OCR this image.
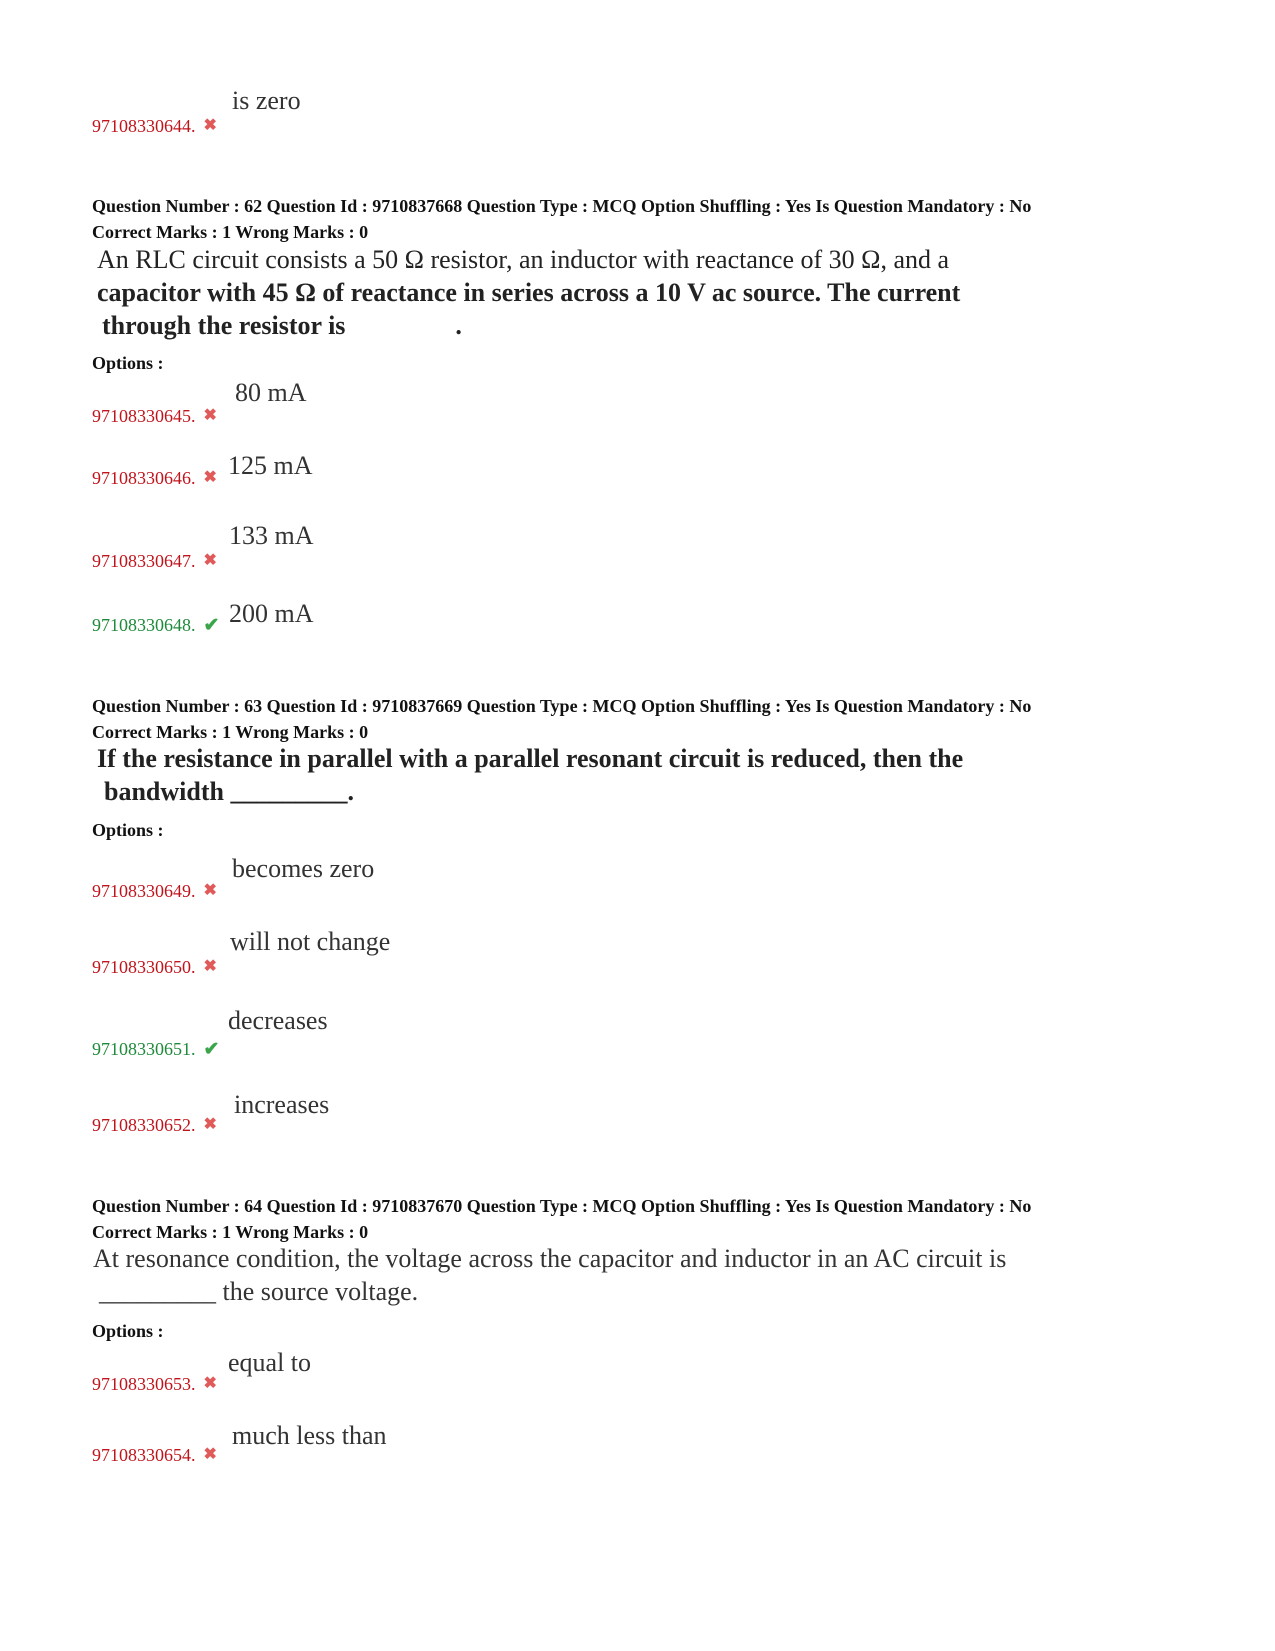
is zero
97108330644. ✖
Question Number : 62 Question Id : 9710837668 Question Type : MCQ Option Shuffling : Yes Is Question Mandatory : No
Correct Marks : 1 Wrong Marks : 0
An RLC circuit consists a 50 Ω resistor, an inductor with reactance of 30 Ω, and a
capacitor with 45 Ω of reactance in series across a 10 V ac source. The current
through the resistor is	.
Options :
80 mA
97108330645. ✖
125 mA
97108330646. ✖
133 mA
97108330647. ✖
200 mA
97108330648. ✔
Question Number : 63 Question Id : 9710837669 Question Type : MCQ Option Shuffling : Yes Is Question Mandatory : No
Correct Marks : 1 Wrong Marks : 0
If the resistance in parallel with a parallel resonant circuit is reduced, then the
bandwidth _________.
Options :
becomes zero
97108330649. ✖
will not change
97108330650. ✖
decreases
97108330651. ✔
increases
97108330652. ✖
Question Number : 64 Question Id : 9710837670 Question Type : MCQ Option Shuffling : Yes Is Question Mandatory : No
Correct Marks : 1 Wrong Marks : 0
At resonance condition, the voltage across the capacitor and inductor in an AC circuit is
_________ the source voltage.
Options :
equal to
97108330653. ✖
much less than
97108330654. ✖
